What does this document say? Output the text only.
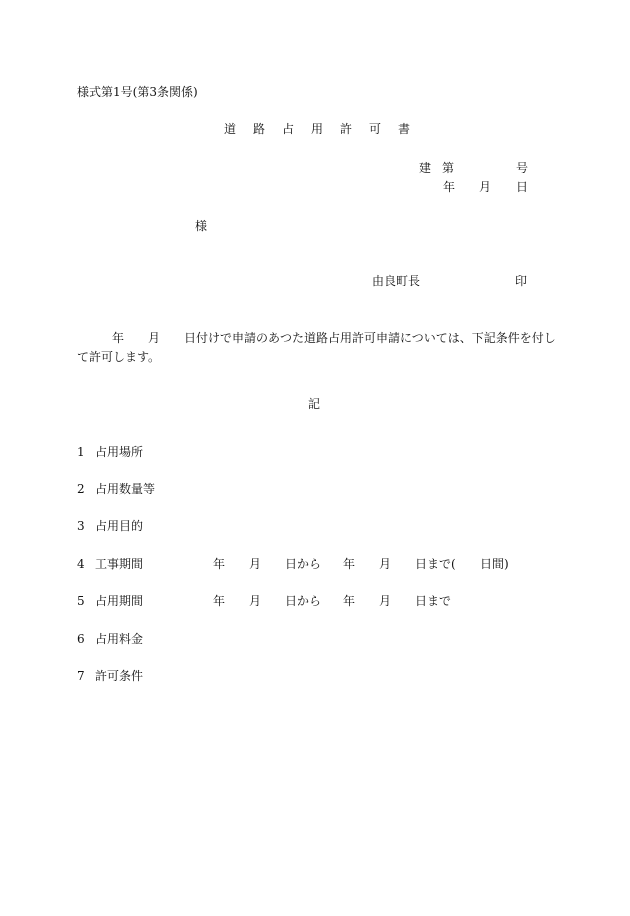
様式第1号(第3条関係)
道 路 占 用 許 可 書
建 第	号
年 月 日
様
由良町長	印
年 月 日付けで申請のあつた道路占用許可申請については、下記条件を付し
て許可します。
記
1 占用場所
2 占用数量等
3 占用目的
4 工事期間	年 月 日から 年 月 日まで( 日間)
5 占用期間	年 月 日から 年 月 日まで
6 占用料金
7 許可条件
